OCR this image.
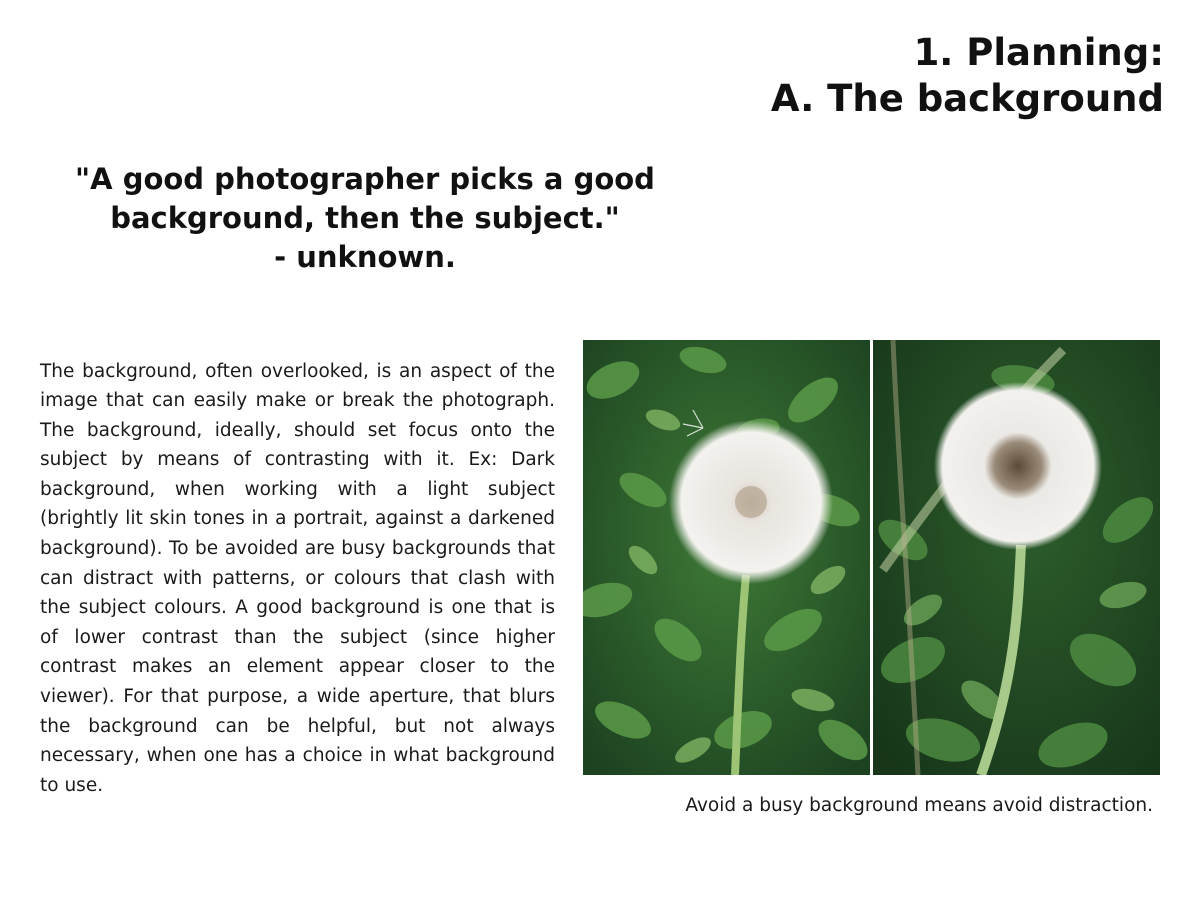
1. Planning:
A. The background
"A good photographer picks a good
background, then the subject."
- unknown.

The background, often overlooked, is an aspect of the image that can easily make or break the photograph. The background, ideally, should set focus onto the subject by means of contrasting with it. Ex: Dark background, when working with a light subject (brightly lit skin tones in a portrait, against a darkened background). To be avoided are busy backgrounds that can distract with patterns, or colours that clash with the subject colours. A good background is one that is of lower contrast than the subject (since higher contrast makes an element appear closer to the viewer). For that purpose, a wide aperture, that blurs the background can be helpful, but not always necessary, when one has a choice in what background to use.

Avoid a busy background means avoid distraction.
